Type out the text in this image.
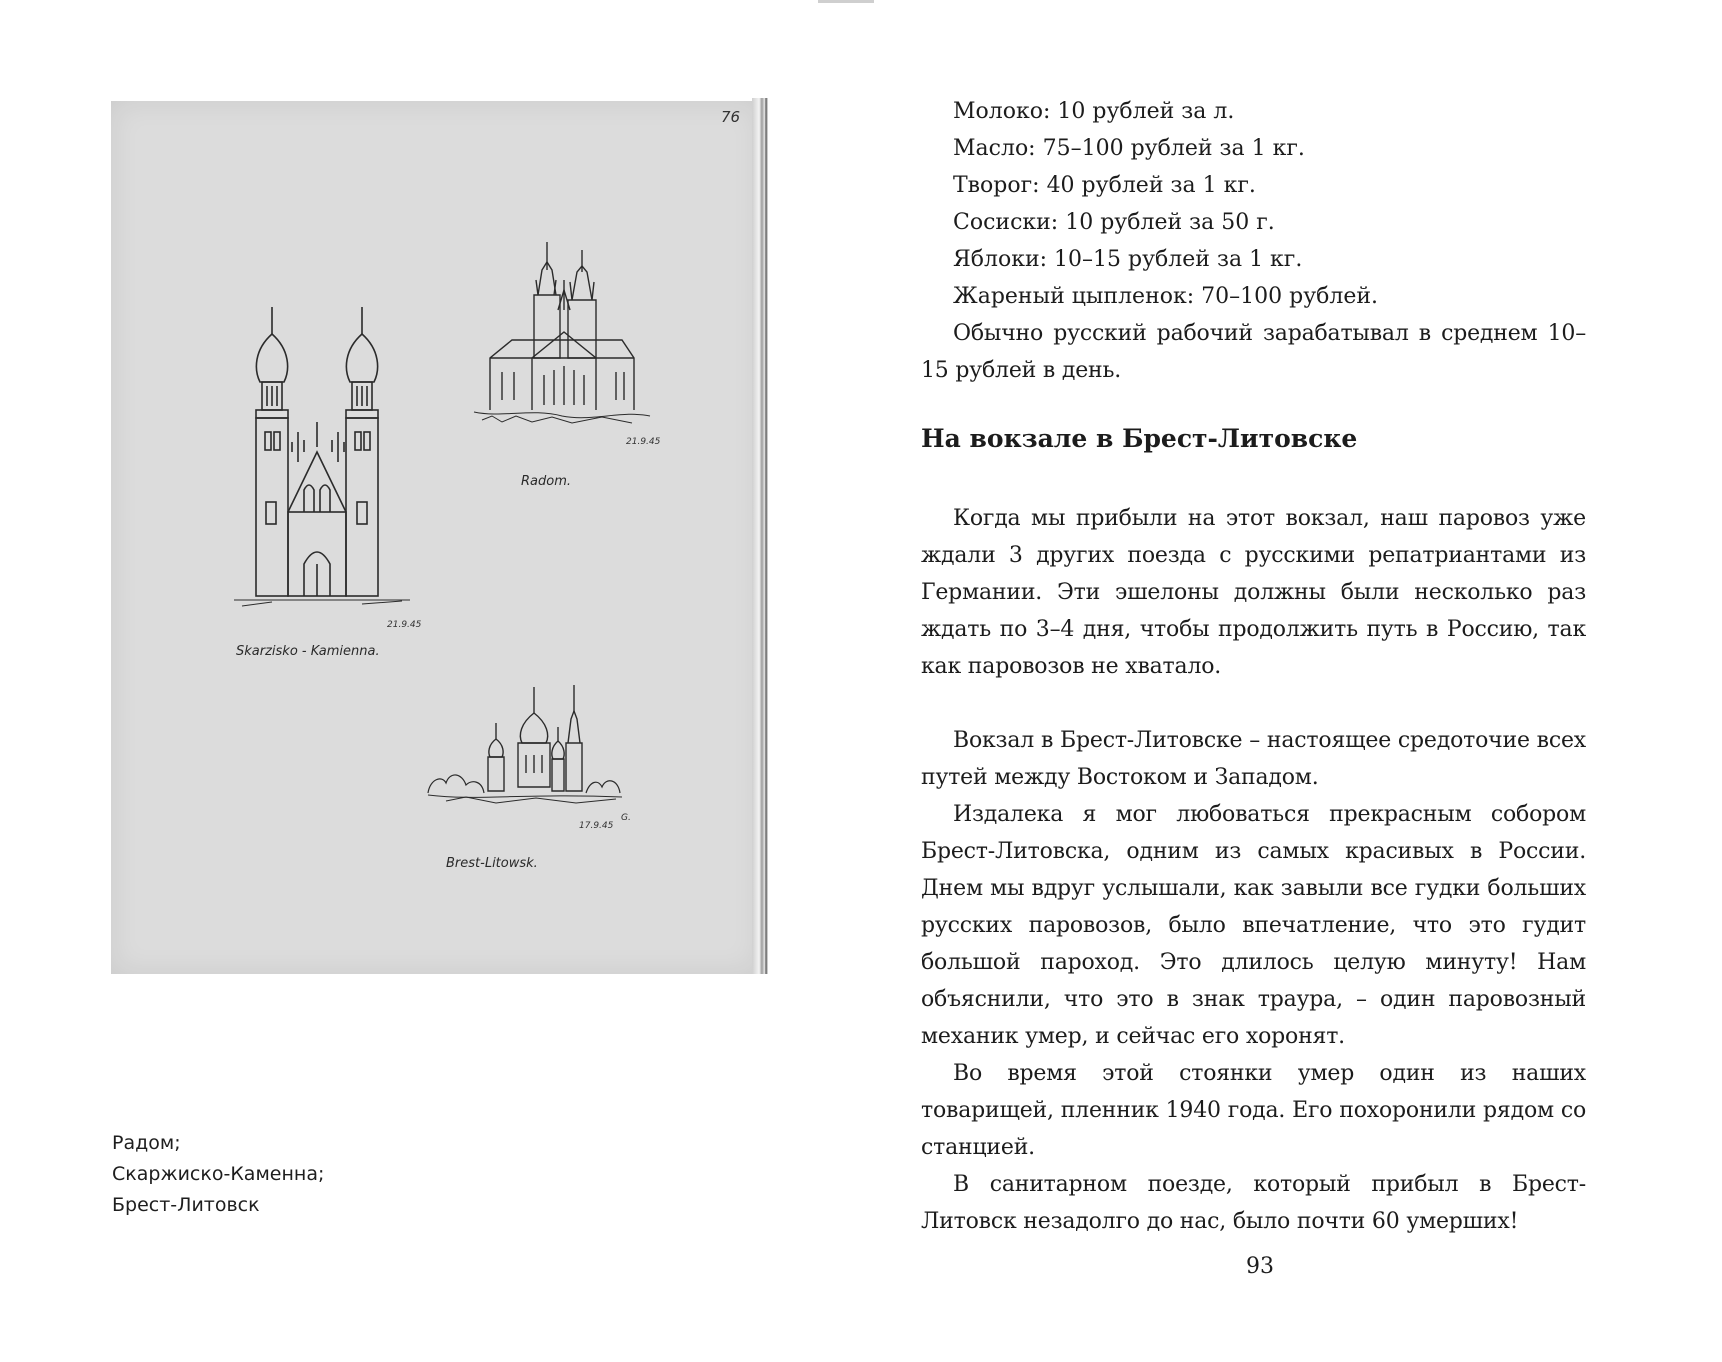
76
21.9.45
Skarzisko - Kamienna.
21.9.45
Radom.
17.9.45
G.
Brest-Litowsk.
Радом;
Скаржиско-Каменна;
Брест-Литовск
Молоко: 10 рублей за л.
Масло: 75–100 рублей за 1 кг.
Творог: 40 рублей за 1 кг.
Сосиски: 10 рублей за 50 г.
Яблоки: 10–15 рублей за 1 кг.
Жареный цыпленок: 70–100 рублей.

Обычно русский рабочий зарабатывал в среднем 10–15 рублей в день.

На вокзале в Брест-Литовске

Когда мы прибыли на этот вокзал, наш паровоз уже ждали 3 других поезда с русскими репатриантами из Германии. Эти эшелоны должны были несколько раз ждать по 3–4 дня, чтобы продолжить путь в Россию, так как паровозов не хватало.

Вокзал в Брест-Литовске – настоящее средоточие всех путей между Востоком и Западом.

Издалека я мог любоваться прекрасным собором Брест-Литовска, одним из самых красивых в России. Днем мы вдруг услышали, как завыли все гудки больших русских паровозов, было впечатление, что это гудит большой пароход. Это длилось целую минуту! Нам объяснили, что это в знак траура, – один паровозный механик умер, и сейчас его хоронят.

Во время этой стоянки умер один из наших товарищей, пленник 1940 года. Его похоронили рядом со станцией.

В санитарном поезде, который прибыл в Брест-Литовск незадолго до нас, было почти 60 умерших!

93
